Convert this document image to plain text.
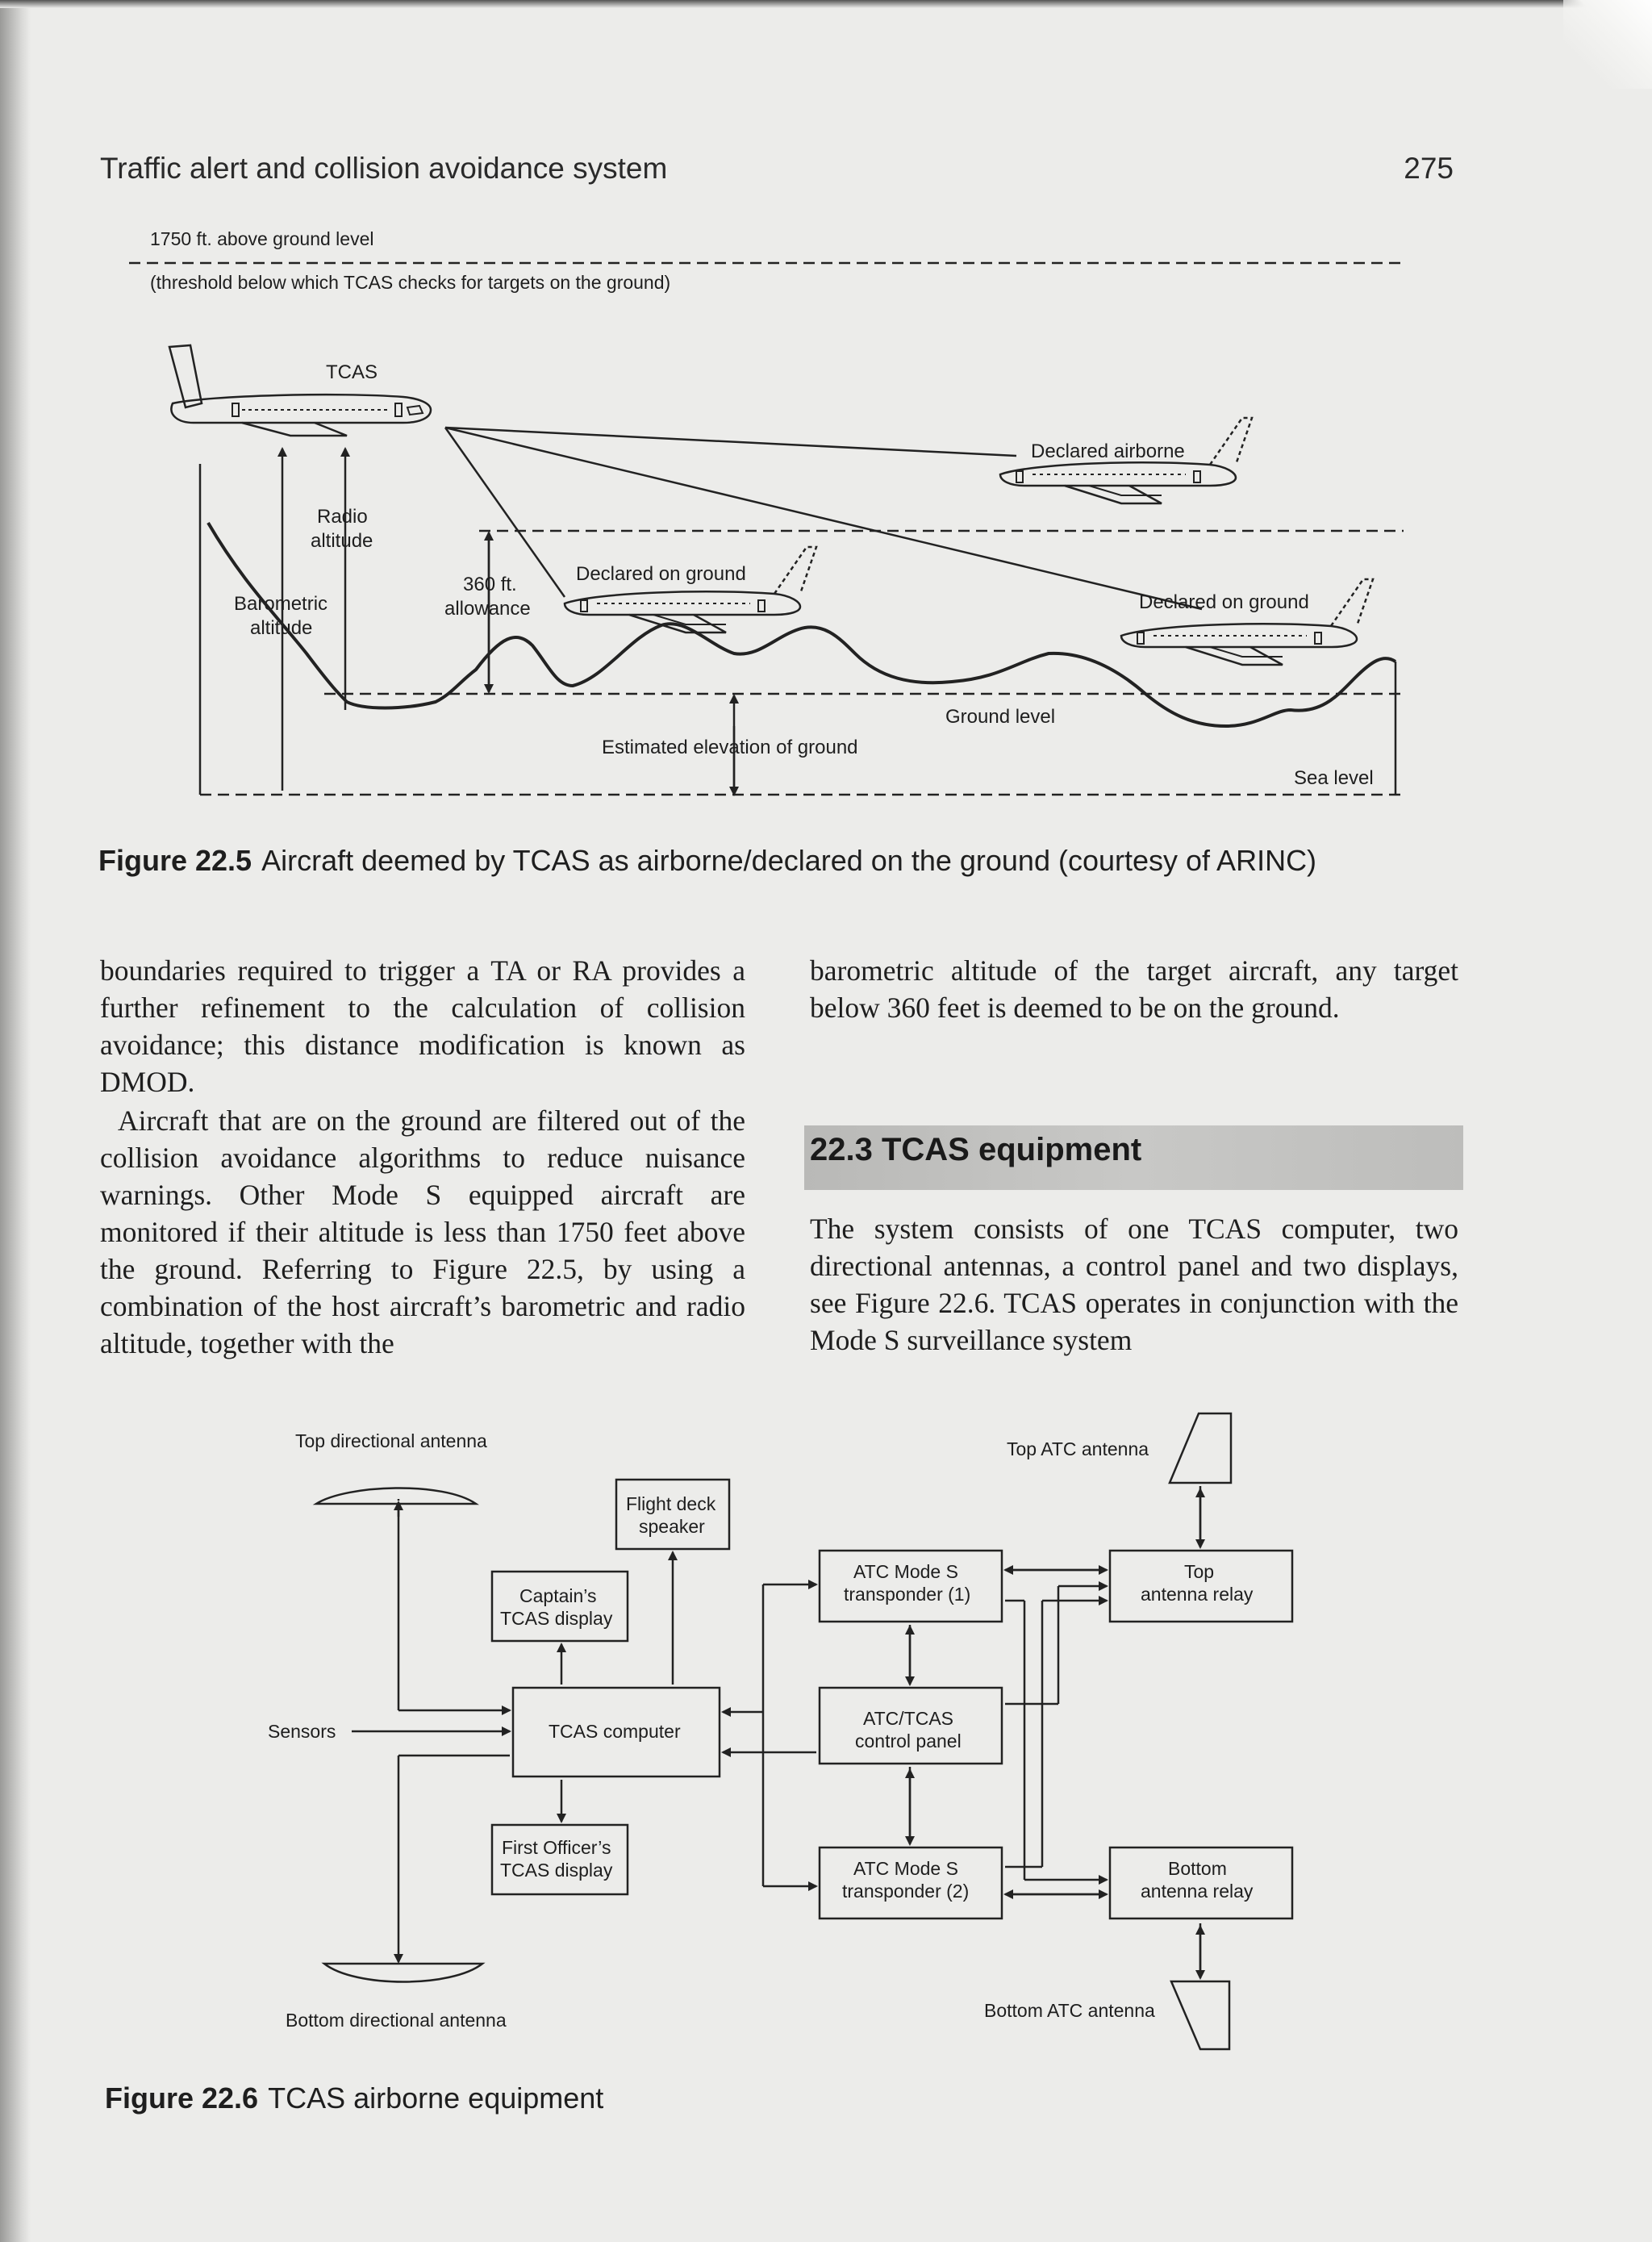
Traffic alert and collision avoidance system	275
1750 ft. above ground level
(threshold below which TCAS checks for targets on the ground)
TCAS
Declared airborne
Declared on ground
Declared on ground
Radio
altitude
360 ft.
allowance
Barometric
altitude
Ground level
Estimated elevation of ground
Sea level
Figure 22.5 Aircraft deemed by TCAS as airborne/declared on the ground (courtesy of ARINC)

boundaries required to trigger a TA or RA provides a further refinement to the calculation of collision avoidance; this distance modification is known as DMOD.

Aircraft that are on the ground are filtered out of the collision avoidance algorithms to reduce nuisance warnings. Other Mode S equipped aircraft are monitored if their altitude is less than 1750 feet above the ground. Referring to Figure 22.5, by using a combination of the host aircraft’s barometric and radio altitude, together with the

barometric altitude of the target aircraft, any target below 360 feet is deemed to be on the ground.

22.3 TCAS equipment

The system consists of one TCAS computer, two directional antennas, a control panel and two displays, see Figure 22.6. TCAS operates in conjunction with the Mode S surveillance system

Top directional antenna
Flight deck
speaker
Captain’s
TCAS display
Sensors	TCAS computer
First Officer’s
TCAS display
Bottom directional antenna
Top ATC antenna
ATC Mode S
transponder (1)
Top
antenna relay
ATC/TCAS
control panel
ATC Mode S
transponder (2)
Bottom
antenna relay
Bottom ATC antenna
Figure 22.6 TCAS airborne equipment
